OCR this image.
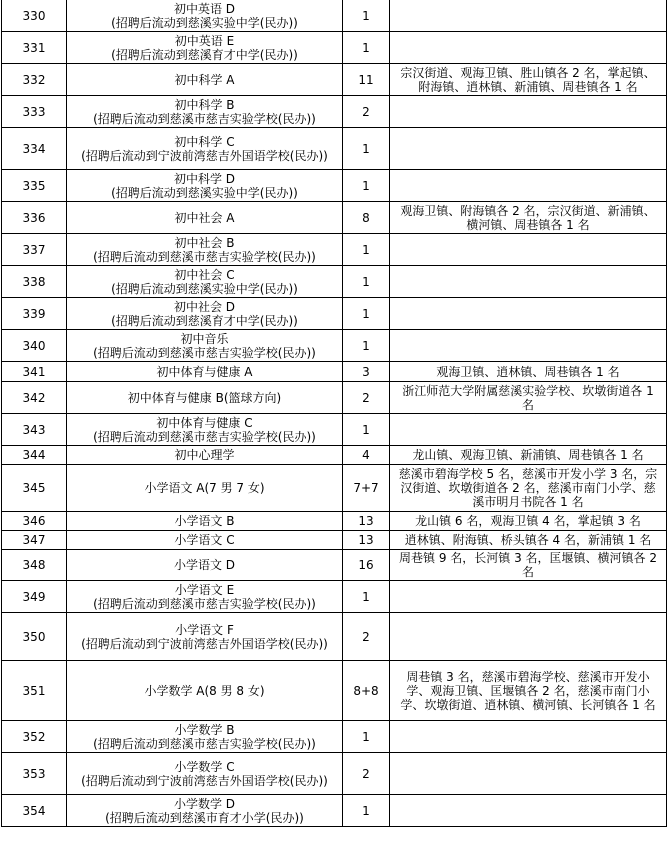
330	初中英语 D
(招聘后流动到慈溪实验中学(民办))	1	
331	初中英语 E
(招聘后流动到慈溪育才中学(民办))	1	
332	初中科学 A	11	宗汉街道、观海卫镇、胜山镇各 2 名，掌起镇、附海镇、逍林镇、新浦镇、周巷镇各 1 名
333	初中科学 B
(招聘后流动到慈溪市慈吉实验学校(民办))	2	
334	初中科学 C
(招聘后流动到宁波前湾慈吉外国语学校(民办))	1	
335	初中科学 D
(招聘后流动到慈溪实验中学(民办))	1	
336	初中社会 A	8	观海卫镇、附海镇各 2 名，宗汉街道、新浦镇、横河镇、周巷镇各 1 名
337	初中社会 B
(招聘后流动到慈溪市慈吉实验学校(民办))	1	
338	初中社会 C
(招聘后流动到慈溪实验中学(民办))	1	
339	初中社会 D
(招聘后流动到慈溪育才中学(民办))	1	
340	初中音乐
(招聘后流动到慈溪市慈吉实验学校(民办))	1	
341	初中体育与健康 A	3	观海卫镇、逍林镇、周巷镇各 1 名
342	初中体育与健康 B(篮球方向)	2	浙江师范大学附属慈溪实验学校、坎墩街道各 1 名
343	初中体育与健康 C
(招聘后流动到慈溪市慈吉实验学校(民办))	1	
344	初中心理学	4	龙山镇、观海卫镇、新浦镇、周巷镇各 1 名
345	小学语文 A(7 男 7 女)	7+7	慈溪市碧海学校 5 名，慈溪市开发小学 3 名，宗汉街道、坎墩街道各 2 名，慈溪市南门小学、慈溪市明月书院各 1 名
346	小学语文 B	13	龙山镇 6 名，观海卫镇 4 名，掌起镇 3 名
347	小学语文 C	13	逍林镇、附海镇、桥头镇各 4 名，新浦镇 1 名
348	小学语文 D	16	周巷镇 9 名，长河镇 3 名，匡堰镇、横河镇各 2 名
349	小学语文 E
(招聘后流动到慈溪市慈吉实验学校(民办))	1	
350	小学语文 F
(招聘后流动到宁波前湾慈吉外国语学校(民办))	2	
351	小学数学 A(8 男 8 女)	8+8	周巷镇 3 名，慈溪市碧海学校、慈溪市开发小学、观海卫镇、匡堰镇各 2 名，慈溪市南门小学、坎墩街道、逍林镇、横河镇、长河镇各 1 名
352	小学数学 B
(招聘后流动到慈溪市慈吉实验学校(民办))	1	
353	小学数学 C
(招聘后流动到宁波前湾慈吉外国语学校(民办))	2	
354	小学数学 D
(招聘后流动到慈溪市育才小学(民办))	1	
